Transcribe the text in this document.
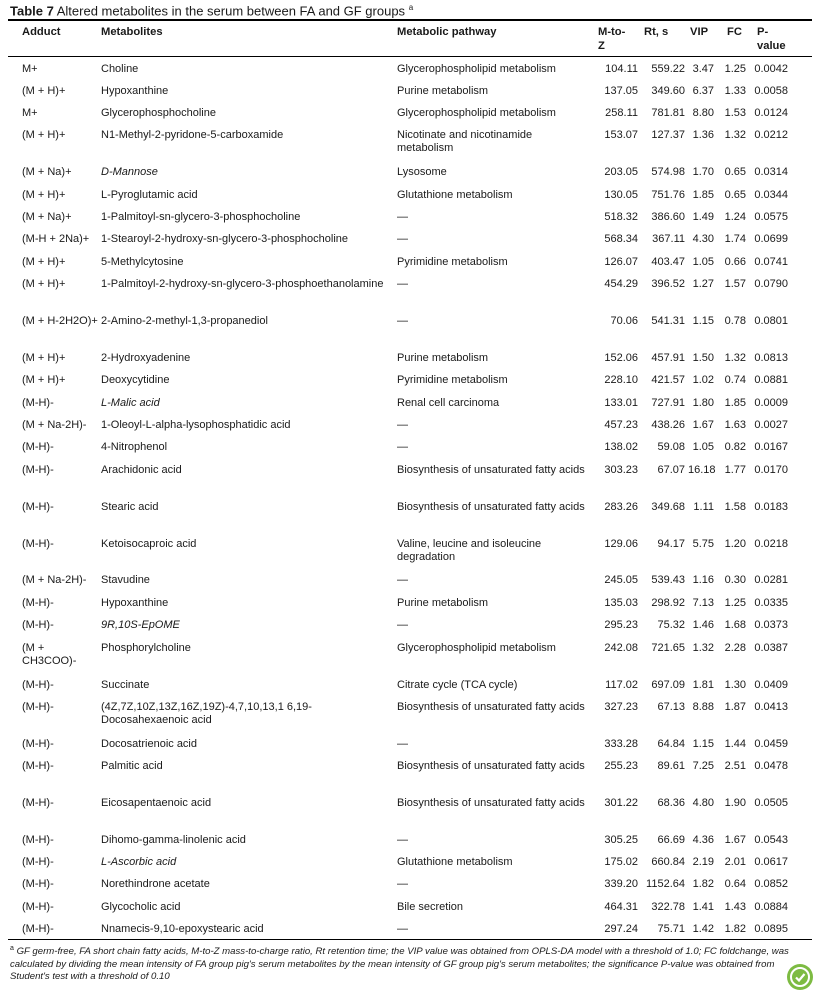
Table 7 Altered metabolites in the serum between FA and GF groups $^a$
Adduct	Metabolites	Metabolic pathway	M-to-
Z
Rt, s VIP FC P-
value
M+	Choline	Glycerophospholipid metabolism	104.11	559.22 3.47 1.25 0.0042
(M + H)+	Hypoxanthine	Purine metabolism	137.05	349.60 6.37 1.33 0.0058
M+	Glycerophosphocholine	Glycerophospholipid metabolism	258.11	781.81 8.80 1.53 0.0124
(M + H)+	N1-Methyl-2-pyridone-5-carboxamide	Nicotinate and nicotinamide metabolism
153.07	127.37 1.36 1.32 0.0212
(M + Na)+	D-Mannose	Lysosome	203.05	574.98 1.70 0.65 0.0314
(M + H)+	L-Pyroglutamic acid	Glutathione metabolism	130.05	751.76 1.85 0.65 0.0344
(M + Na)+	1-Palmitoyl-sn-glycero-3-phosphocholine	—	518.32	386.60 1.49 1.24 0.0575
(M-H + 2Na)+	1-Stearoyl-2-hydroxy-sn-glycero-3-phosphocholine	—	568.34	367.11 4.30 1.74 0.0699
(M + H)+	5-Methylcytosine	Pyrimidine metabolism	126.07	403.47 1.05 0.66 0.0741
(M + H)+	1-Palmitoyl-2-hydroxy-sn-glycero-3-phosphoethanolamine	—	454.29	396.52 1.27 1.57 0.0790
(M + H-2H2O)+ 2-Amino-2-methyl-1,3-propanediol	—	70.06	541.31 1.15 0.78 0.0801
(M + H)+	2-Hydroxyadenine	Purine metabolism	152.06	457.91 1.50 1.32 0.0813
(M + H)+	Deoxycytidine	Pyrimidine metabolism	228.10	421.57 1.02 0.74 0.0881
(M-H)-	L-Malic acid	Renal cell carcinoma	133.01	727.91 1.80 1.85 0.0009
(M + Na-2H)-	1-Oleoyl-L-alpha-lysophosphatidic acid	—	457.23	438.26 1.67 1.63 0.0027
(M-H)-	4-Nitrophenol	—	138.02	59.08 1.05 0.82 0.0167
(M-H)-	Arachidonic acid	Biosynthesis of unsaturated fatty acids	303.23	67.07 16.18 1.77 0.0170
(M-H)-	Stearic acid	Biosynthesis of unsaturated fatty acids	283.26	349.68 1.11 1.58 0.0183
(M-H)-	Ketoisocaproic acid	Valine, leucine and isoleucine degradation
129.06	94.17 5.75 1.20 0.0218
(M + Na-2H)-	Stavudine	—	245.05	539.43 1.16 0.30 0.0281
(M-H)-	Hypoxanthine	Purine metabolism	135.03	298.92 7.13 1.25 0.0335
(M-H)-	9R,10S-EpOME	—	295.23	75.32 1.46 1.68 0.0373
(M + CH3COO)-
Phosphorylcholine	Glycerophospholipid metabolism	242.08	721.65 1.32 2.28 0.0387
(M-H)-	Succinate	Citrate cycle (TCA cycle)	117.02	697.09 1.81 1.30 0.0409
(M-H)-	(4Z,7Z,10Z,13Z,16Z,19Z)-4,7,10,13,1 6,19-Docosahexaenoic acid
Biosynthesis of unsaturated fatty acids	327.23	67.13 8.88 1.87 0.0413
(M-H)-	Docosatrienoic acid	—	333.28	64.84 1.15 1.44 0.0459
(M-H)-	Palmitic acid	Biosynthesis of unsaturated fatty acids	255.23	89.61 7.25 2.51 0.0478
(M-H)-	Eicosapentaenoic acid	Biosynthesis of unsaturated fatty acids	301.22	68.36 4.80 1.90 0.0505
(M-H)-	Dihomo-gamma-linolenic acid	—	305.25	66.69 4.36 1.67 0.0543
(M-H)-	L-Ascorbic acid	Glutathione metabolism	175.02	660.84 2.19 2.01 0.0617
(M-H)-	Norethindrone acetate	—	339.20 1152.64 1.82 0.64 0.0852
(M-H)-	Glycocholic acid	Bile secretion	464.31	322.78 1.41 1.43 0.0884
(M-H)-	Nnamecis-9,10-epoxystearic acid	—	297.24	75.71 1.42 1.82 0.0895
$^a$ GF germ-free, FA short chain fatty acids, M-to-Z mass-to-charge ratio, Rt retention time; the VIP value was obtained from OPLS-DA model with a threshold of 1.0; FC foldchange, was calculated by dividing the mean intensity of FA group pig's serum metabolites by the mean intensity of GF group pig's serum metabolites; the significance P-value was obtained from Student's test with a threshold of 0.10
